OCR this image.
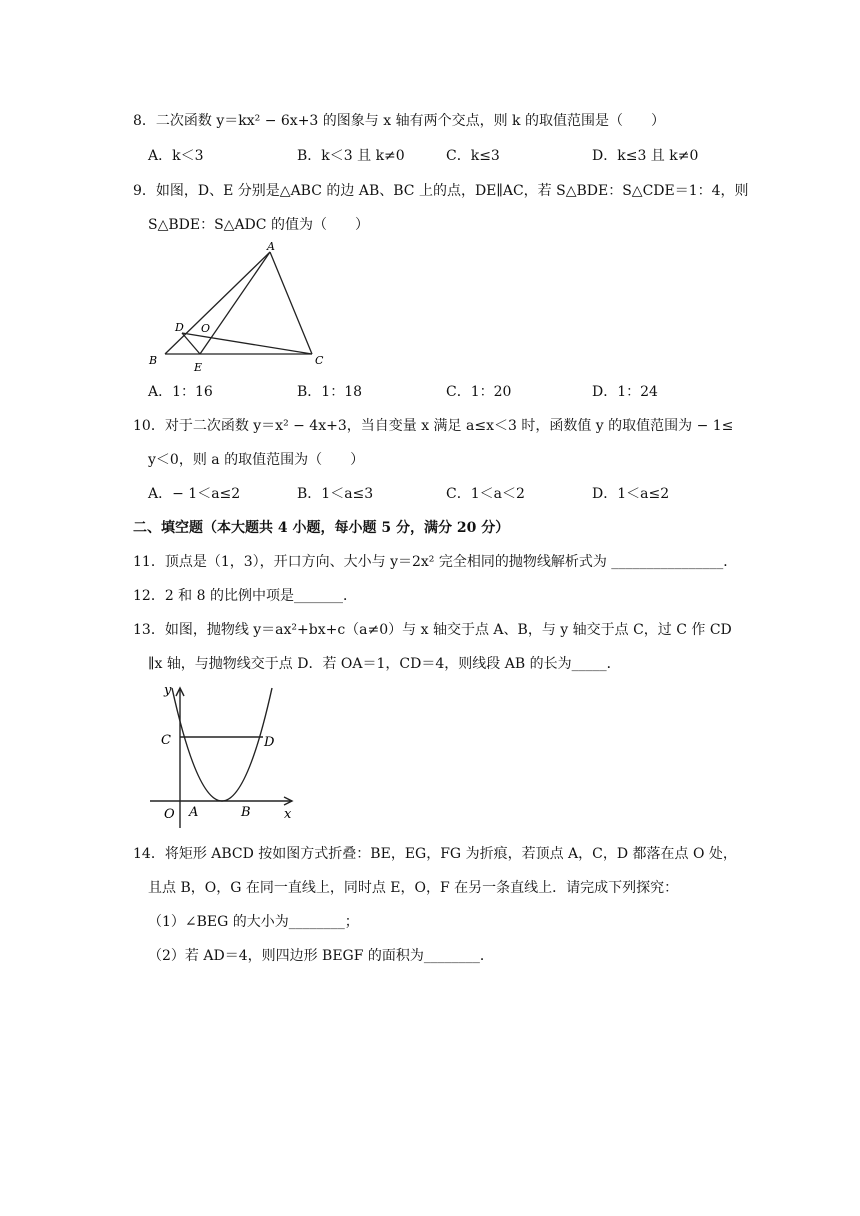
8．二次函数 y＝kx² − 6x+3 的图象与 x 轴有两个交点，则 k 的取值范围是（　　）
A．k＜3	B．k＜3 且 k≠0	C．k≤3	D．k≤3 且 k≠0
9．如图，D、E 分别是△ABC 的边 AB、BC 上的点，DE∥AC，若 S△BDE：S△CDE＝1：4，则
S△BDE：S△ADC 的值为（　　）
A
B	C
D
E
O
A．1：16	B．1：18	C．1：20	D．1：24
10．对于二次函数 y＝x² − 4x+3，当自变量 x 满足 a≤x＜3 时，函数值 y 的取值范围为 − 1≤
y＜0，则 a 的取值范围为（　　）
A．− 1＜a≤2	B．1＜a≤3	C．1＜a＜2	D．1＜a≤2
二、填空题（本大题共 4 小题，每小题 5 分，满分 20 分）
11．顶点是（1，3），开口方向、大小与 y＝2x² 完全相同的抛物线解析式为 ________________．
12．2 和 8 的比例中项是_______．
13．如图，抛物线 y＝ax²+bx+c（a≠0）与 x 轴交于点 A、B，与 y 轴交于点 C，过 C 作 CD
∥x 轴，与抛物线交于点 D．若 OA＝1，CD＝4，则线段 AB 的长为_____．
y
x
C	D
O A	B
14．将矩形 ABCD 按如图方式折叠：BE，EG，FG 为折痕，若顶点 A，C，D 都落在点 O 处，
且点 B，O，G 在同一直线上，同时点 E，O，F 在另一条直线上．请完成下列探究：
（1）∠BEG 的大小为________；
（2）若 AD＝4，则四边形 BEGF 的面积为________．
